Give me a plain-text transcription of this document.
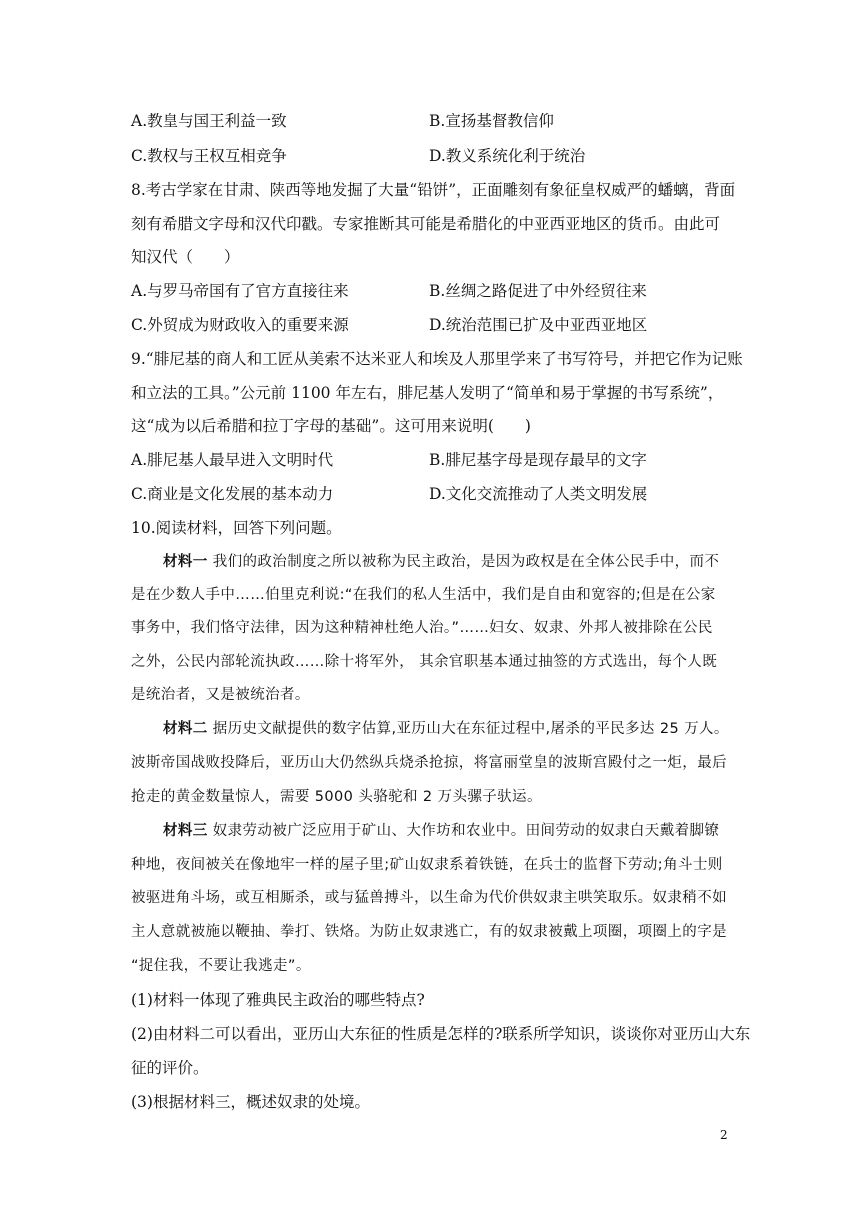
A.教皇与国王利益一致	B.宣扬基督教信仰
C.教权与王权互相竞争	D.教义系统化利于统治
8.考古学家在甘肃、陕西等地发掘了大量“铅饼”，正面雕刻有象征皇权威严的蟠螭，背面
刻有希腊文字母和汉代印戳。专家推断其可能是希腊化的中亚西亚地区的货币。由此可
知汉代（　　）
A.与罗马帝国有了官方直接往来	B.丝绸之路促进了中外经贸往来
C.外贸成为财政收入的重要来源	D.统治范围已扩及中亚西亚地区
9.“腓尼基的商人和工匠从美索不达米亚人和埃及人那里学来了书写符号，并把它作为记账
和立法的工具。”公元前 1100 年左右，腓尼基人发明了“简单和易于掌握的书写系统”，
这“成为以后希腊和拉丁字母的基础”。这可用来说明(　　)
A.腓尼基人最早进入文明时代	B.腓尼基字母是现存最早的文字
C.商业是文化发展的基本动力	D.文化交流推动了人类文明发展
10.阅读材料，回答下列问题。
材料一 我们的政治制度之所以被称为民主政治，是因为政权是在全体公民手中，而不
是在少数人手中……伯里克利说:“在我们的私人生活中，我们是自由和宽容的;但是在公家
事务中，我们恪守法律，因为这种精神杜绝人治。”……妇女、奴隶、外邦人被排除在公民
之外，公民内部轮流执政……除十将军外， 其余官职基本通过抽签的方式选出，每个人既
是统治者，又是被统治者。
材料二 据历史文献提供的数字估算,亚历山大在东征过程中,屠杀的平民多达 25 万人。
波斯帝国战败投降后，亚历山大仍然纵兵烧杀抢掠，将富丽堂皇的波斯宫殿付之一炬，最后
抢走的黄金数量惊人，需要 5000 头骆驼和 2 万头骡子驮运。
材料三 奴隶劳动被广泛应用于矿山、大作坊和农业中。田间劳动的奴隶白天戴着脚镣
种地，夜间被关在像地牢一样的屋子里;矿山奴隶系着铁链，在兵士的监督下劳动;角斗士则
被驱进角斗场，或互相厮杀，或与猛兽搏斗，以生命为代价供奴隶主哄笑取乐。奴隶稍不如
主人意就被施以鞭抽、拳打、铁烙。为防止奴隶逃亡，有的奴隶被戴上项圈，项圈上的字是
“捉住我，不要让我逃走”。
(1)材料一体现了雅典民主政治的哪些特点?
(2)由材料二可以看出，亚历山大东征的性质是怎样的?联系所学知识，谈谈你对亚历山大东
征的评价。
(3)根据材料三，概述奴隶的处境。
2
